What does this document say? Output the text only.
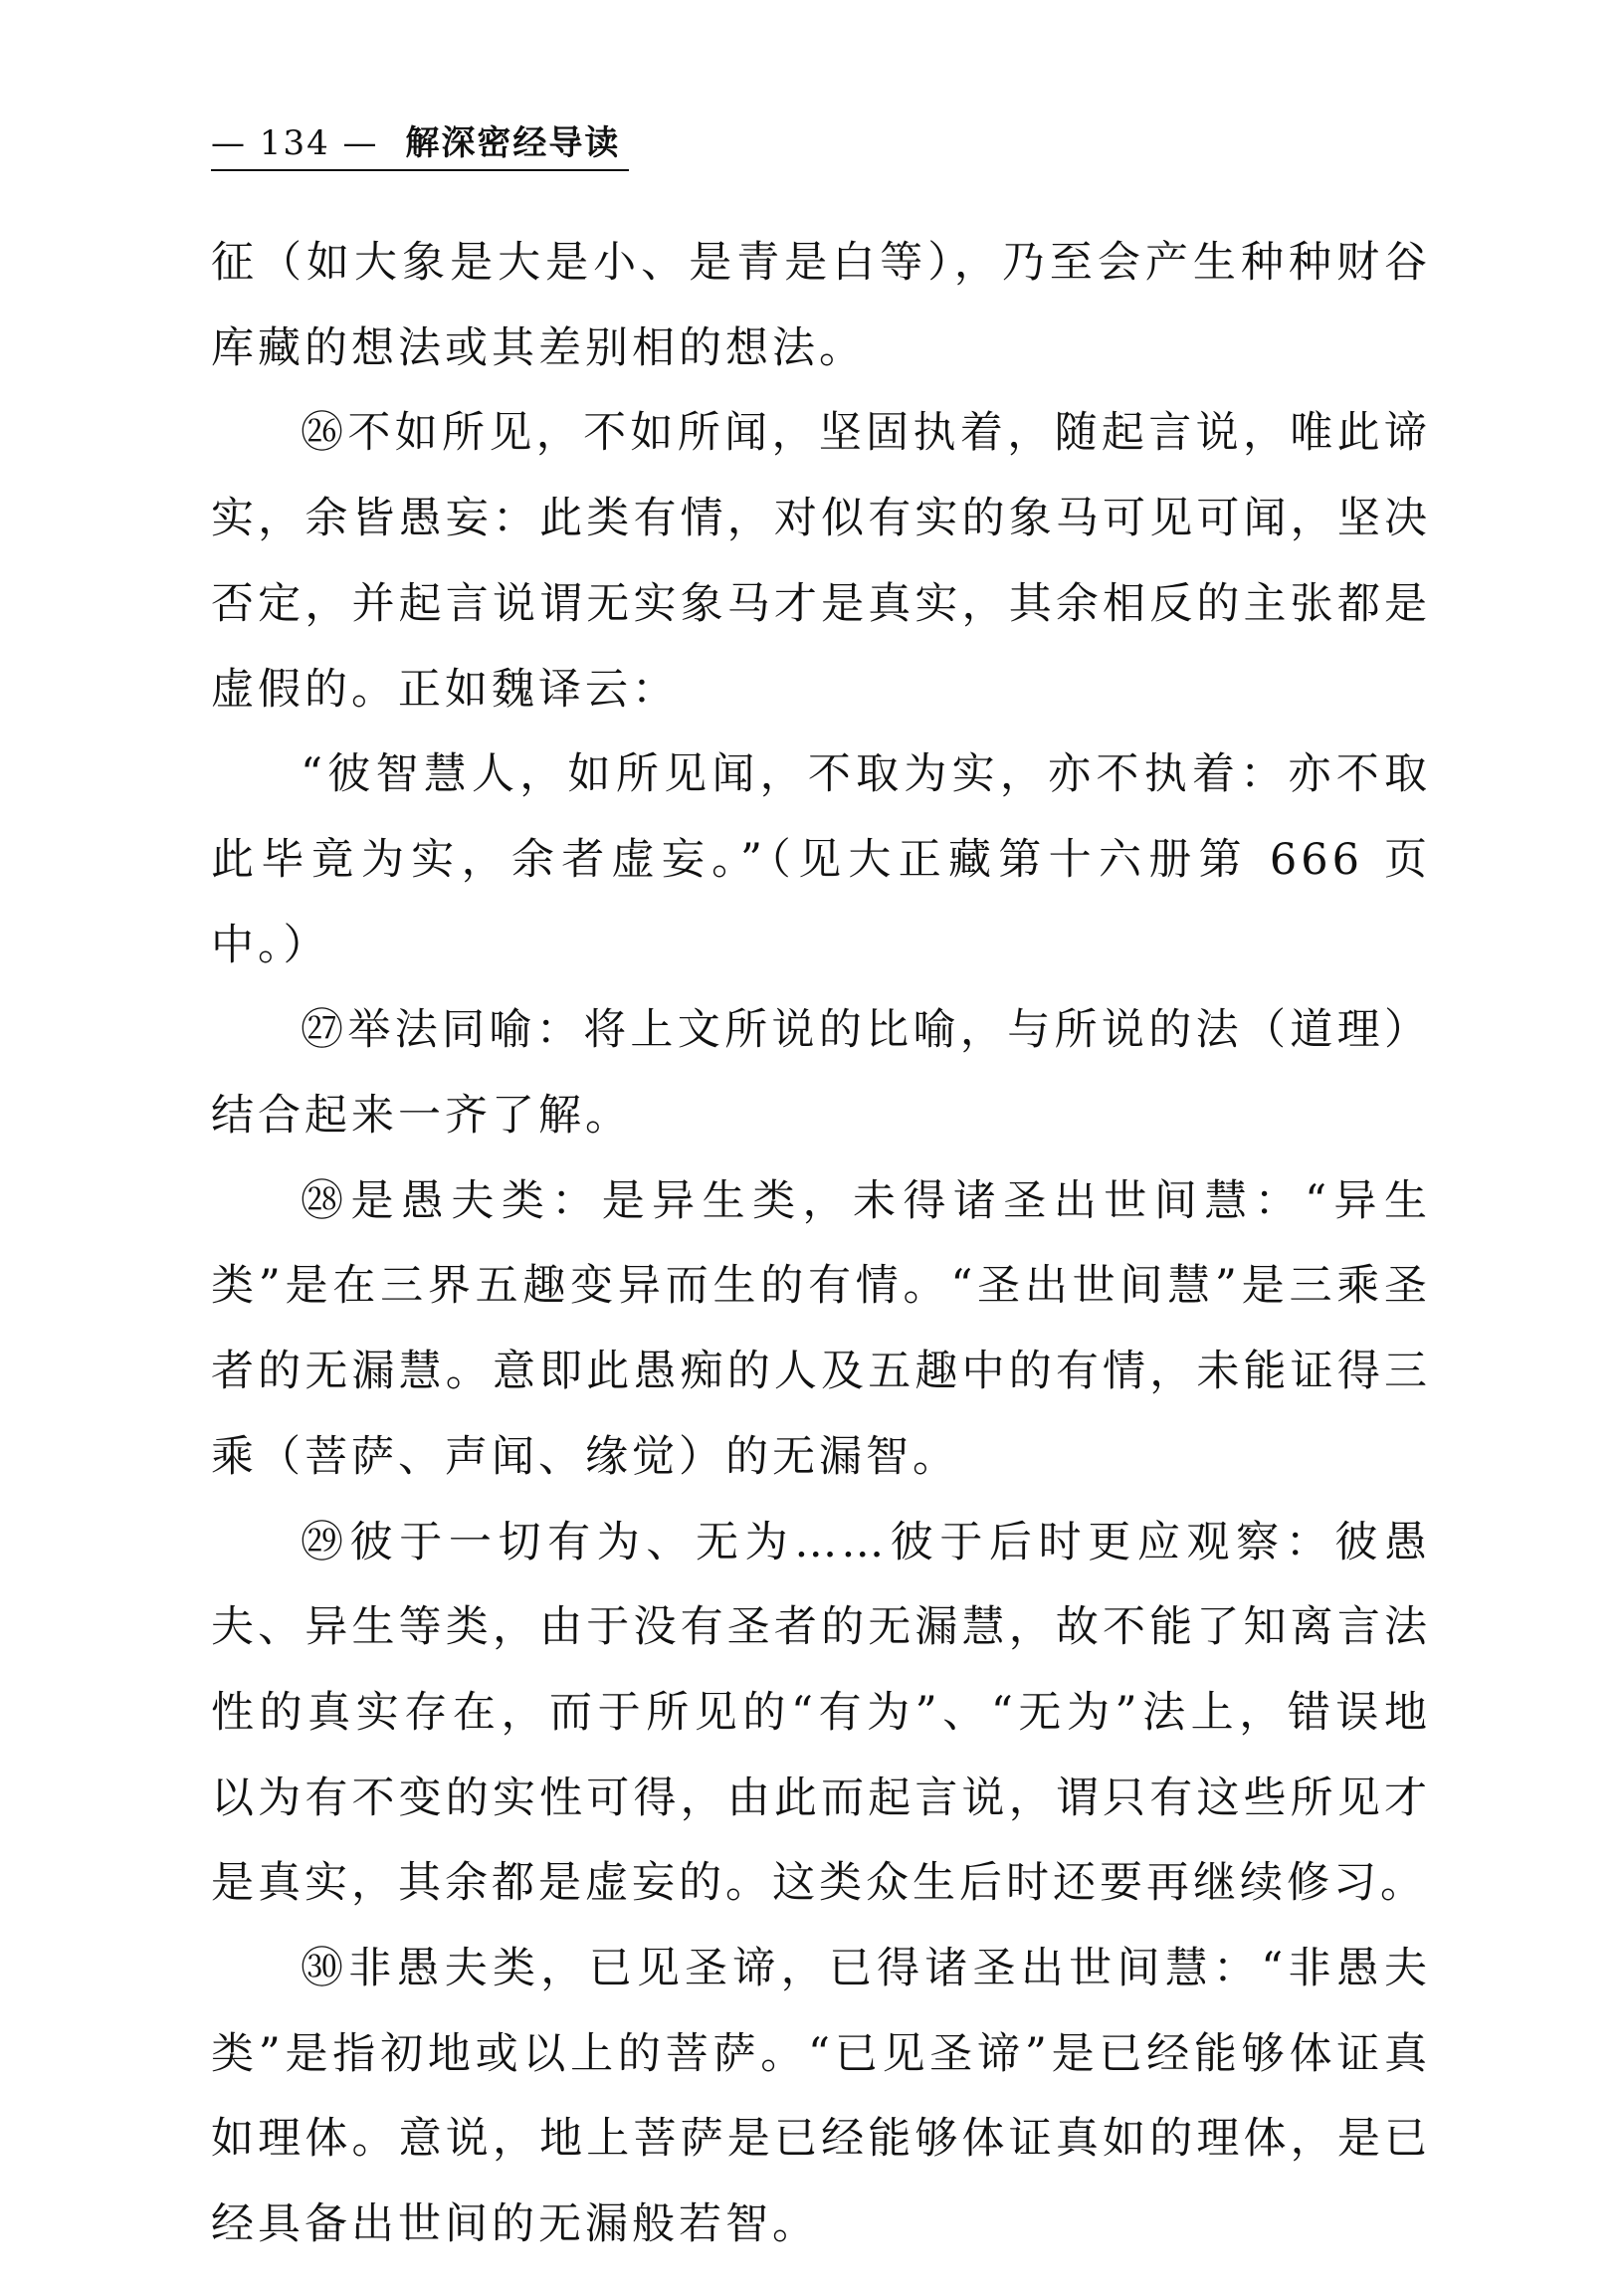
— 134 — 解深密经导读

征（如大象是大是小、是青是白等），乃至会产生种种财谷库藏的想法或其差别相的想法。

㉖不如所见，不如所闻，坚固执着，随起言说，唯此谛实，余皆愚妄：此类有情，对似有实的象马可见可闻，坚决否定，并起言说谓无实象马才是真实，其余相反的主张都是虚假的。正如魏译云：

“彼智慧人，如所见闻，不取为实，亦不执着：亦不取此毕竟为实，余者虚妄。”（见大正藏第十六册第 666 页中。）

㉗举法同喻：将上文所说的比喻，与所说的法（道理）结合起来一齐了解。

㉘是愚夫类：是异生类，未得诸圣出世间慧：“异生类”是在三界五趣变异而生的有情。“圣出世间慧”是三乘圣者的无漏慧。意即此愚痴的人及五趣中的有情，未能证得三乘（菩萨、声闻、缘觉）的无漏智。

㉙彼于一切有为、无为……彼于后时更应观察：彼愚夫、异生等类，由于没有圣者的无漏慧，故不能了知离言法性的真实存在，而于所见的“有为”、“无为”法上，错误地以为有不变的实性可得，由此而起言说，谓只有这些所见才是真实，其余都是虚妄的。这类众生后时还要再继续修习。

㉚非愚夫类，已见圣谛，已得诸圣出世间慧：“非愚夫类”是指初地或以上的菩萨。“已见圣谛”是已经能够体证真如理体。意说，地上菩萨是已经能够体证真如的理体，是已经具备出世间的无漏般若智。
